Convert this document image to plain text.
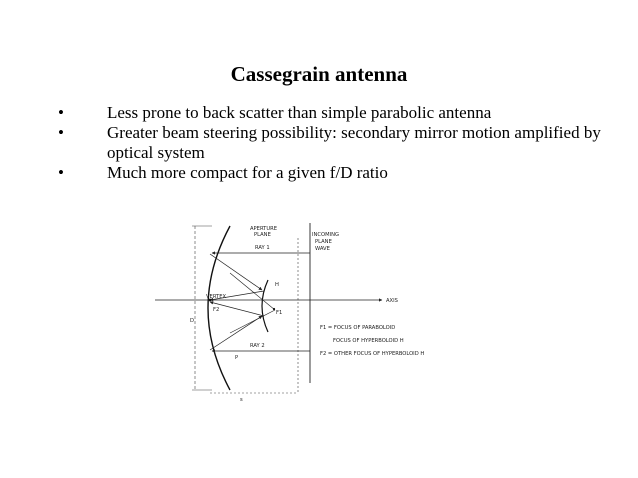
Cassegrain antenna
•	Less prone to back scatter than simple parabolic antenna
•	Greater beam steering possibility: secondary mirror motion amplified by optical system
•	Much more compact for a given f/D ratio
APERTURE
PLANE	INCOMING
PLANE
WAVE
RAY 1
VERTEX
H
F2	F1
D
RAY 2
P
AXIS
s
F1 = FOCUS OF PARABOLOID
FOCUS OF HYPERBOLOID H
F2 = OTHER FOCUS OF HYPERBOLOID H
